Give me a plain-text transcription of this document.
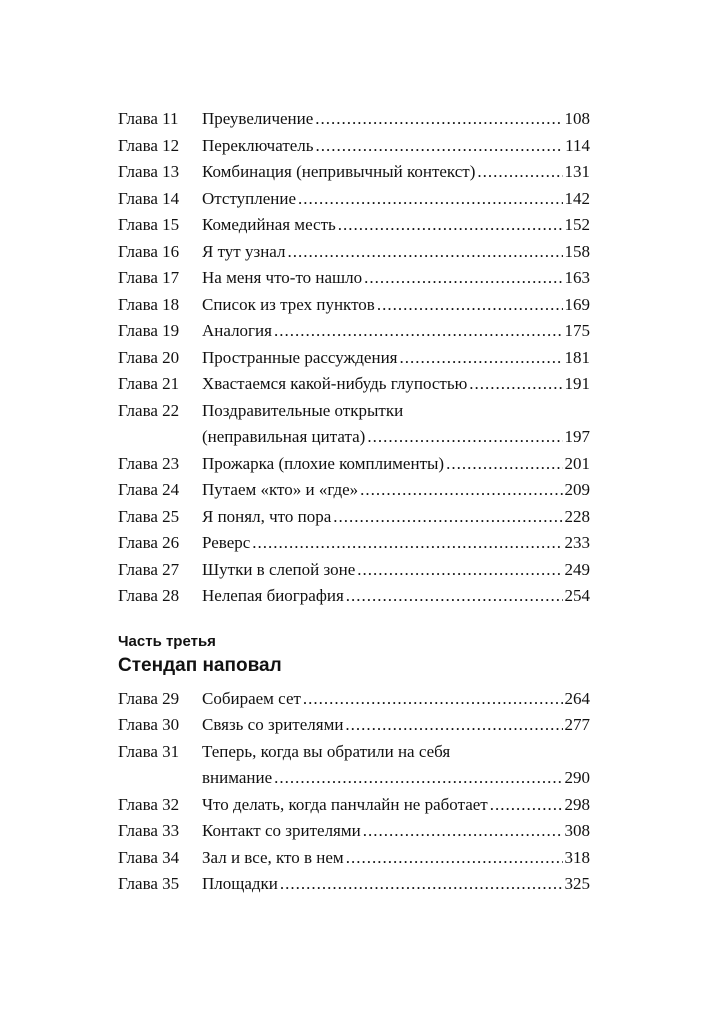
Глава 11	Преувеличение .....	108
Глава 12	Переключатель .....	114
Глава 13	Комбинация (непривычный контекст) .....	131
Глава 14	Отступление .....	142
Глава 15	Комедийная месть .....	152
Глава 16	Я тут узнал .....	158
Глава 17	На меня что-то нашло .....	163
Глава 18	Список из трех пунктов .....	169
Глава 19	Аналогия .....	175
Глава 20	Пространные рассуждения .....	181
Глава 21	Хвастаемся какой-нибудь глупостью .....	191
Глава 22	Поздравительные открытки
(неправильная цитата) .....	197
Глава 23	Прожарка (плохие комплименты) .....	201
Глава 24	Путаем «кто» и «где» .....	209
Глава 25	Я понял, что пора .....	228
Глава 26	Реверс .....	233
Глава 27	Шутки в слепой зоне .....	249
Глава 28	Нелепая биография .....	254
Часть третья
Стендап наповал
Глава 29	Собираем сет .....	264
Глава 30	Связь со зрителями .....	277
Глава 31	Теперь, когда вы обратили на себя
внимание .....	290
Глава 32	Что делать, когда панчлайн не работает .....	298
Глава 33	Контакт со зрителями .....	308
Глава 34	Зал и все, кто в нем .....	318
Глава 35	Площадки .....	325
